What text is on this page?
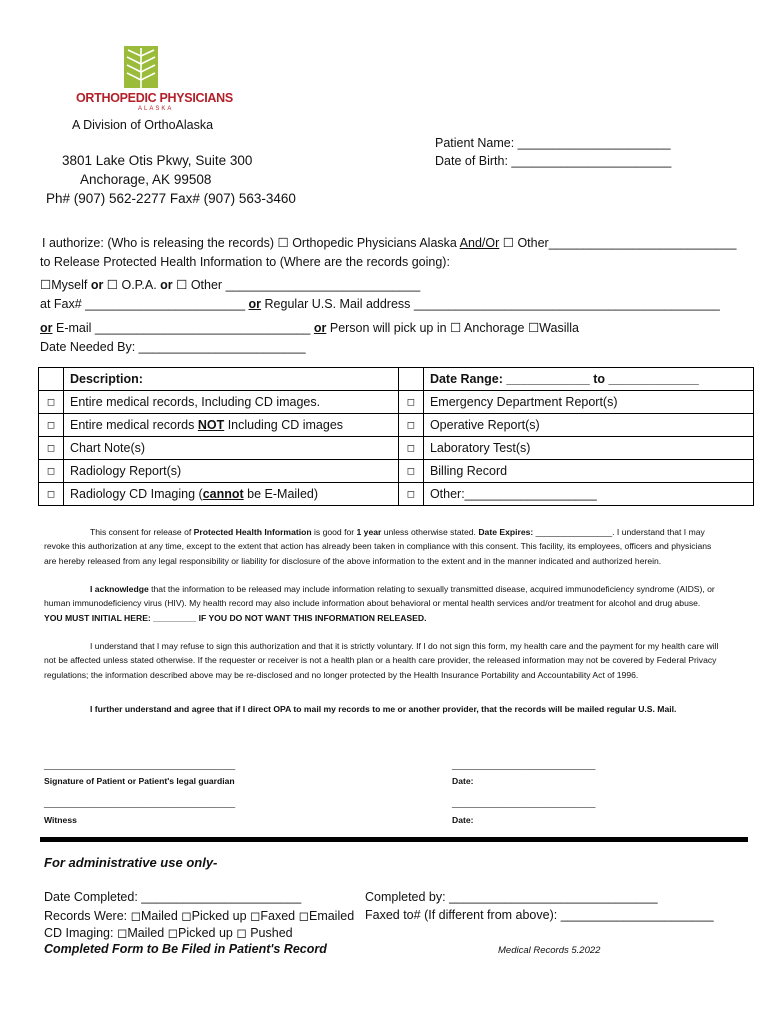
ORTHOPEDIC PHYSICIANS
ALASKA
A Division of OrthoAlaska
3801 Lake Otis Pkwy, Suite 300
Anchorage, AK 99508
Ph# (907) 562-2277 Fax# (907) 563-3460
Patient Name: ______________________
Date of Birth: _______________________
I authorize: (Who is releasing the records) ☐ Orthopedic Physicians Alaska And/Or ☐ Other___________________________
to Release Protected Health Information to (Where are the records going):
☐Myself or ☐ O.P.A. or ☐ Other ____________________________
at Fax# _______________________ or Regular U.S. Mail address ____________________________________________
or E-mail _______________________________ or Person will pick up in ☐ Anchorage ☐Wasilla
Date Needed By: ________________________
	Description:		Date Range: ____________ to _____________
◻	Entire medical records, Including CD images.	◻	Emergency Department Report(s)
◻	Entire medical records NOT Including CD images	◻	Operative Report(s)
◻	Chart Note(s)	◻	Laboratory Test(s)
◻	Radiology Report(s)	◻	Billing Record
◻	Radiology CD Imaging (cannot be E-Mailed)	◻	Other:___________________
This consent for release of Protected Health Information is good for 1 year unless otherwise stated. Date Expires: ________________. I understand that I may revoke this authorization at any time, except to the extent that action has already been taken in compliance with this consent. This facility, its employees, officers and physicians are hereby released from any legal responsibility or liability for disclosure of the above information to the extent and in the manner indicated and authorized herein.
I acknowledge that the information to be released may include information relating to sexually transmitted disease, acquired immunodeficiency syndrome (AIDS), or human immunodeficiency virus (HIV). My health record may also include information about behavioral or mental health services and/or treatment for alcohol and drug abuse. YOU MUST INITIAL HERE: _________ IF YOU DO NOT WANT THIS INFORMATION RELEASED.
I understand that I may refuse to sign this authorization and that it is strictly voluntary. If I do not sign this form, my health care and the payment for my health care will not be affected unless stated otherwise. If the requester or receiver is not a health plan or a health care provider, the released information may not be covered by Federal Privacy regulations; the information described above may be re-disclosed and no longer protected by the Health Insurance Portability and Accountability Act of 1996.
I further understand and agree that if I direct OPA to mail my records to me or another provider, that the records will be mailed regular U.S. Mail.
________________________________________	______________________________
Signature of Patient or Patient's legal guardian	Date:
________________________________________	______________________________
Witness	Date:
For administrative use only-
Date Completed: _______________________	Completed by: ______________________________
Records Were: ◻Mailed ◻Picked up ◻Faxed ◻Emailed Faxed to# (If different from above): ______________________
CD Imaging: ◻Mailed ◻Picked up ◻ Pushed
Completed Form to Be Filed in Patient's Record	Medical Records 5.2022
